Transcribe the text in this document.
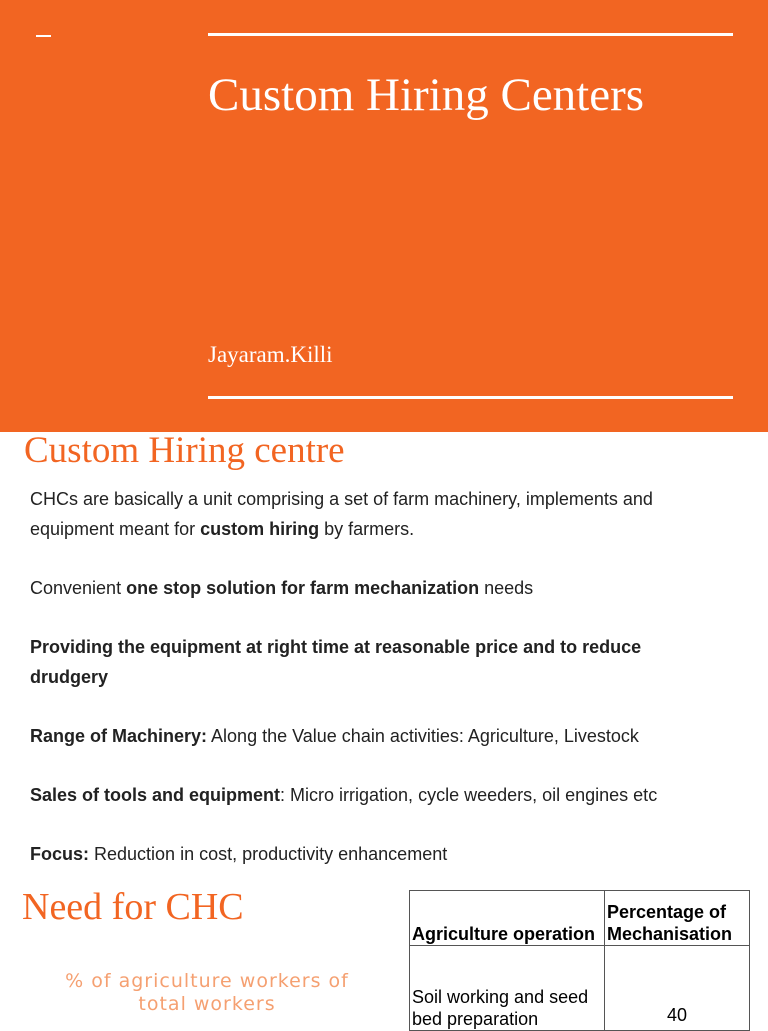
Custom Hiring Centers
Jayaram.Killi
Custom Hiring centre
CHCs are basically a unit comprising a set of farm machinery, implements and equipment meant for custom hiring by farmers.
Convenient one stop solution for farm mechanization needs
Providing the equipment at right time at reasonable price and to reduce drudgery
Range of Machinery: Along the Value chain activities: Agriculture, Livestock
Sales of tools and equipment: Micro irrigation, cycle weeders, oil engines etc
Focus: Reduction in cost, productivity enhancement
Need for CHC
% of agriculture workers of total workers
Agriculture operation	Percentage of Mechanisation
Soil working and seed bed preparation	40
